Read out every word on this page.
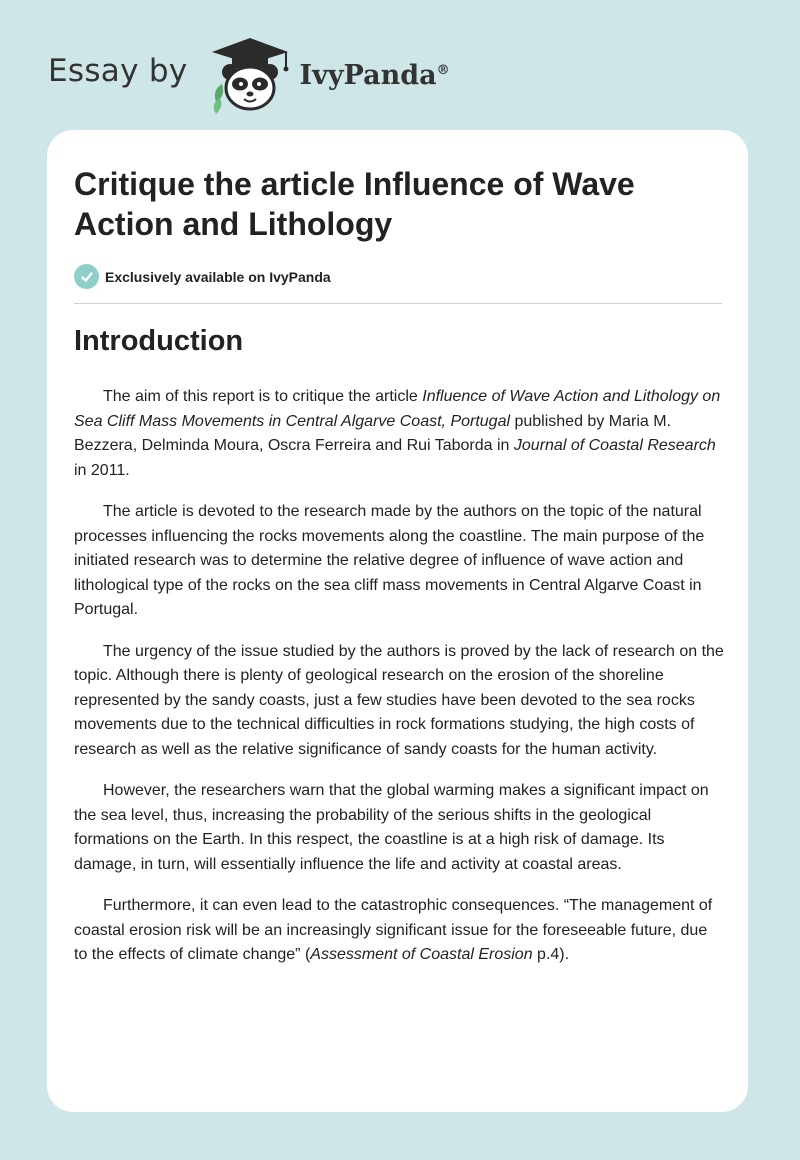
Essay by	IvyPanda®
Critique the article Influence of Wave Action and Lithology
Exclusively available on IvyPanda
Introduction

The aim of this report is to critique the article Influence of Wave Action and Lithology on Sea Cliff Mass Movements in Central Algarve Coast, Portugal published by Maria M. Bezzera, Delminda Moura, Oscra Ferreira and Rui Taborda in Journal of Coastal Research in 2011.

The article is devoted to the research made by the authors on the topic of the natural processes influencing the rocks movements along the coastline. The main purpose of the initiated research was to determine the relative degree of influence of wave action and lithological type of the rocks on the sea cliff mass movements in Central Algarve Coast in Portugal.

The urgency of the issue studied by the authors is proved by the lack of research on the topic. Although there is plenty of geological research on the erosion of the shoreline represented by the sandy coasts, just a few studies have been devoted to the sea rocks movements due to the technical difficulties in rock formations studying, the high costs of research as well as the relative significance of sandy coasts for the human activity.

However, the researchers warn that the global warming makes a significant impact on the sea level, thus, increasing the probability of the serious shifts in the geological formations on the Earth. In this respect, the coastline is at a high risk of damage. Its damage, in turn, will essentially influence the life and activity at coastal areas.

Furthermore, it can even lead to the catastrophic consequences. “The management of coastal erosion risk will be an increasingly significant issue for the foreseeable future, due to the effects of climate change” (Assessment of Coastal Erosion p.4).
